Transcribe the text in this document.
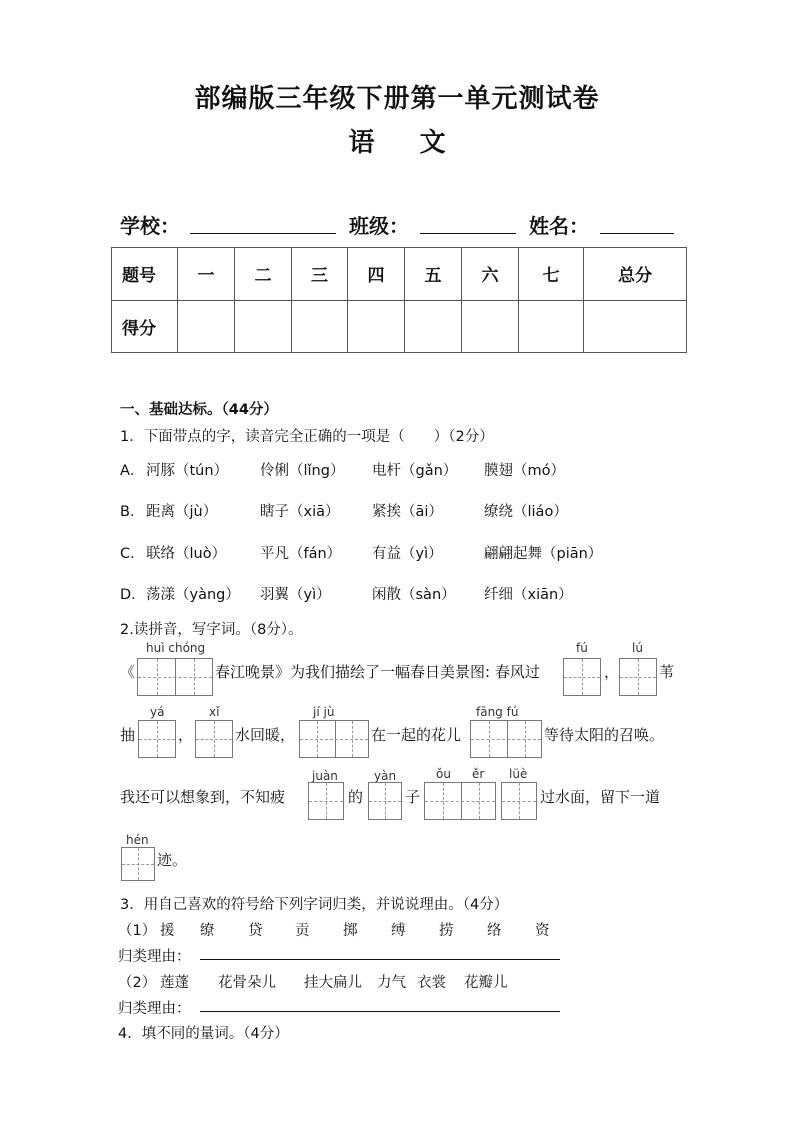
部编版三年级下册第一单元测试卷
语 文
学校：	班级：	姓名：
题号	一	二	三	四	五	六	七	总分
得分								
一、基础达标。（44分）
1．下面带点的字，读音完全正确的一项是（　　）（2分）
A． 河豚（tún） 伶俐（lǐng） 电杆（gǎn） 膜翅（mó）
B． 距离（jù）	瞎子（xiā） 紧挨（āi）	缭绕（liáo）
C． 联络（luò） 平凡（fán） 有益（yì）	翩翩起舞（piān）
D． 荡漾（yàng） 羽翼（yì）	闲散（sàn） 纤细（xiān）
2.读拼音，写字词。（8分）。
huì chóng
《	春江晚景》为我们描绘了一幅春日美景图: 春风过
fú
，
lú
苇
抽
yá
，
xǐ
水回暖，
jí jù
在一起的花儿
fāng fú
等待太阳的召唤。
我还可以想象到，不知疲
juàn
的
yàn
子
ǒu ěr lüè
过水面，留下一道
hén
迹。
3．用自己喜欢的符号给下列字词归类，并说说理由。（4分）
（1） 援 缭 贷 贡 掷 缚 捞 络 资
归类理由：
（2） 莲蓬 花骨朵儿 挂大扁儿 力气 衣裳 花瓣儿
归类理由：
4．填不同的量词。（4分）
